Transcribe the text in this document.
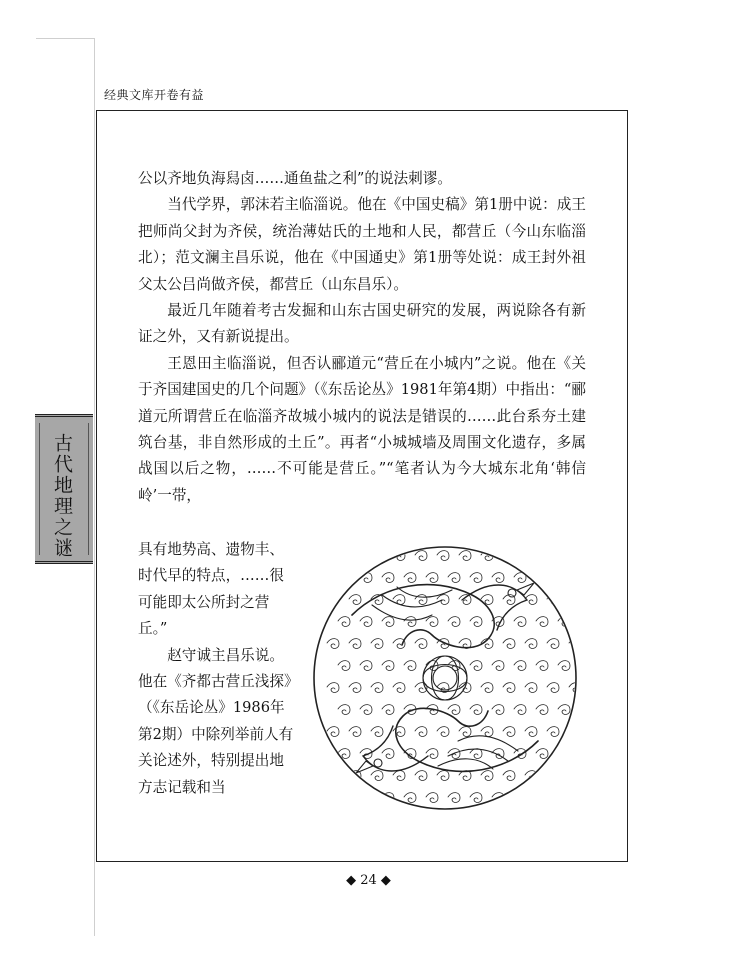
经典文库开卷有益
古代地理之谜

公以齐地负海舄卤……通鱼盐之利”的说法刺谬。

当代学界，郭沫若主临淄说。他在《中国史稿》第1册中说：成王把师尚父封为齐侯，统治薄姑氏的土地和人民，都营丘（今山东临淄北）；范文澜主昌乐说，他在《中国通史》第1册等处说：成王封外祖父太公吕尚做齐侯，都营丘（山东昌乐）。

最近几年随着考古发掘和山东古国史研究的发展，两说除各有新证之外，又有新说提出。

王恩田主临淄说，但否认郦道元“营丘在小城内”之说。他在《关于齐国建国史的几个问题》（《东岳论丛》1981年第4期）中指出：“郦道元所谓营丘在临淄齐故城小城内的说法是错误的……此台系夯土建筑台基，非自然形成的土丘”。再者“小城城墙及周围文化遗存，多属战国以后之物，……不可能是营丘。”“笔者认为今大城东北角‘韩信岭’一带，

具有地势高、遗物丰、时代早的特点，……很可能即太公所封之营丘。”

赵守诚主昌乐说。他在《齐都古营丘浅探》（《东岳论丛》1986年第2期）中除列举前人有关论述外，特别提出地方志记载和当

◆ 24 ◆
